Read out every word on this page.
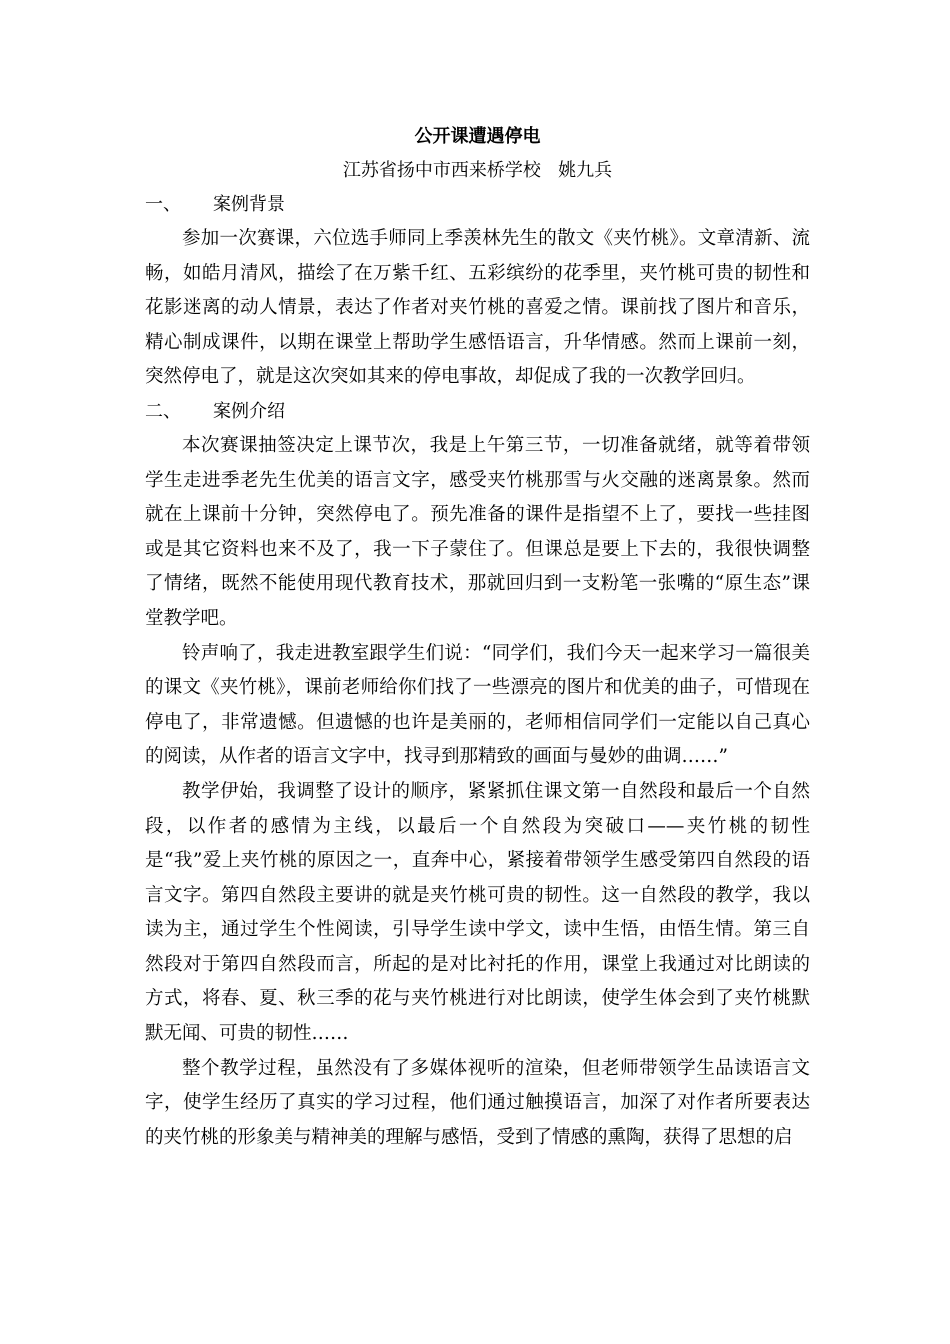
公开课遭遇停电
江苏省扬中市西来桥学校   姚九兵
一、	案例背景

参加一次赛课，六位选手师同上季羡林先生的散文《夹竹桃》。文章清新、流畅，如皓月清风，描绘了在万紫千红、五彩缤纷的花季里，夹竹桃可贵的韧性和花影迷离的动人情景，表达了作者对夹竹桃的喜爱之情。课前找了图片和音乐，精心制成课件，以期在课堂上帮助学生感悟语言，升华情感。然而上课前一刻，突然停电了，就是这次突如其来的停电事故，却促成了我的一次教学回归。

二、	案例介绍

本次赛课抽签决定上课节次，我是上午第三节，一切准备就绪，就等着带领学生走进季老先生优美的语言文字，感受夹竹桃那雪与火交融的迷离景象。然而就在上课前十分钟，突然停电了。预先准备的课件是指望不上了，要找一些挂图或是其它资料也来不及了，我一下子蒙住了。但课总是要上下去的，我很快调整了情绪，既然不能使用现代教育技术，那就回归到一支粉笔一张嘴的“原生态”课堂教学吧。

铃声响了，我走进教室跟学生们说：“同学们，我们今天一起来学习一篇很美的课文《夹竹桃》，课前老师给你们找了一些漂亮的图片和优美的曲子，可惜现在停电了，非常遗憾。但遗憾的也许是美丽的，老师相信同学们一定能以自己真心的阅读，从作者的语言文字中，找寻到那精致的画面与曼妙的曲调……”

教学伊始，我调整了设计的顺序，紧紧抓住课文第一自然段和最后一个自然段，以作者的感情为主线，以最后一个自然段为突破口——夹竹桃的韧性是“我”爱上夹竹桃的原因之一，直奔中心，紧接着带领学生感受第四自然段的语言文字。第四自然段主要讲的就是夹竹桃可贵的韧性。这一自然段的教学，我以读为主，通过学生个性阅读，引导学生读中学文，读中生悟，由悟生情。第三自然段对于第四自然段而言，所起的是对比衬托的作用，课堂上我通过对比朗读的方式，将春、夏、秋三季的花与夹竹桃进行对比朗读，使学生体会到了夹竹桃默默无闻、可贵的韧性……

整个教学过程，虽然没有了多媒体视听的渲染，但老师带领学生品读语言文字，使学生经历了真实的学习过程，他们通过触摸语言，加深了对作者所要表达的夹竹桃的形象美与精神美的理解与感悟，受到了情感的熏陶，获得了思想的启
